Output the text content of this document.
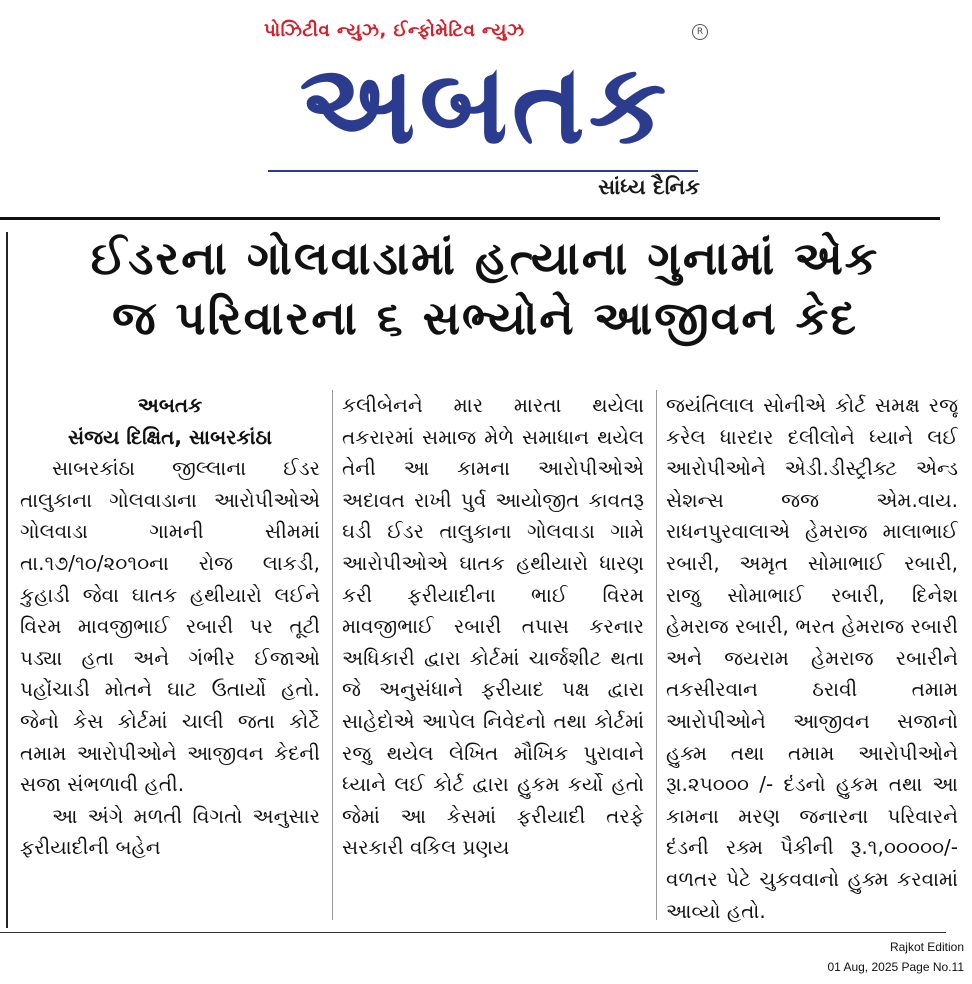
પોઝિટીવ ન્યુઝ, ઈન્ફોમેટિવ ન્યુઝ	R
અબતક
સાંધ્ય દૈનિક
ઈડરના ગોલવાડામાં હત્યાના ગુનામાં એક
જ પરિવારના ૬ સભ્યોને આજીવન કેદ
અબતક
સંજય દિક્ષિત, સાબરકાંઠા

સાબરકાંઠા જીલ્લાના ઈડર તાલુકાના ગોલવાડાના આરોપીઓએ ગોલવાડા ગામની સીમમાં તા.૧૭/૧૦/૨૦૧૦ના રોજ લાકડી, કુહાડી જેવા ઘાતક હથીયારો લઈને વિરમ માવજીભાઈ રબારી પર તૂટી પડ્યા હતા અને ગંભીર ઈજાઓ પહોંચાડી મોતને ઘાટ ઉતાર્યો હતો. જેનો કેસ કોર્ટમાં ચાલી જતા કોર્ટે તમામ આરોપીઓને આજીવન કેદની સજા સંભળાવી હતી.

આ અંગે મળતી વિગતો અનુસાર ફરીયાદીની બહેન

કલીબેનને માર મારતા થયેલા તકરારમાં સમાજ મેળે સમાધાન થયેલ તેની આ કામના આરોપીઓએ અદાવત રાખી પુર્વ આયોજીત કાવતરૂ ઘડી ઈડર તાલુકાના ગોલવાડા ગામે આરોપીઓએ ઘાતક હથીયારો ધારણ કરી ફરીયાદીના ભાઈ વિરમ માવજીભાઈ રબારી તપાસ કરનાર અધિકારી દ્વારા કોર્ટમાં ચાર્જશીટ થતા જે અનુસંધાને ફરીયાદ પક્ષ દ્વારા સાહેદોએ આપેલ નિવેદનો તથા કોર્ટમાં રજુ થયેલ લેખિત મૌખિક પુરાવાને ધ્યાને લઈ કોર્ટ દ્વારા હુકમ કર્યો હતો જેમાં આ કેસમાં ફરીયાદી તરફે સરકારી વકિલ પ્રણય

જયંતિલાલ સોનીએ કોર્ટ સમક્ષ રજૂ કરેલ ધારદાર દલીલોને ધ્યાને લઈ આરોપીઓને એડી.ડીસ્ટ્રીક્ટ એન્ડ સેશન્સ જજ એમ.વાય. રાધનપુરવાલાએ હેમરાજ માલાભાઈ રબારી, અમૃત સોમાભાઈ રબારી, રાજુ સોમાભાઈ રબારી, દિનેશ હેમરાજ રબારી, ભરત હેમરાજ રબારી અને જયરામ હેમરાજ રબારીને તકસીરવાન ઠરાવી તમામ આરોપીઓને આજીવન સજાનો હુક્મ તથા તમામ આરોપીઓને રૂા.૨૫૦૦૦ /- દંડનો હુકમ તથા આ કામના મરણ જનારના પરિવારને દંડની રક્મ પૈકીની રૂ.૧,૦૦૦૦૦/- વળતર પેટે ચુકવવાનો હુક્મ કરવામાં આવ્યો હતો.

Rajkot Edition
01 Aug, 2025 Page No.11
